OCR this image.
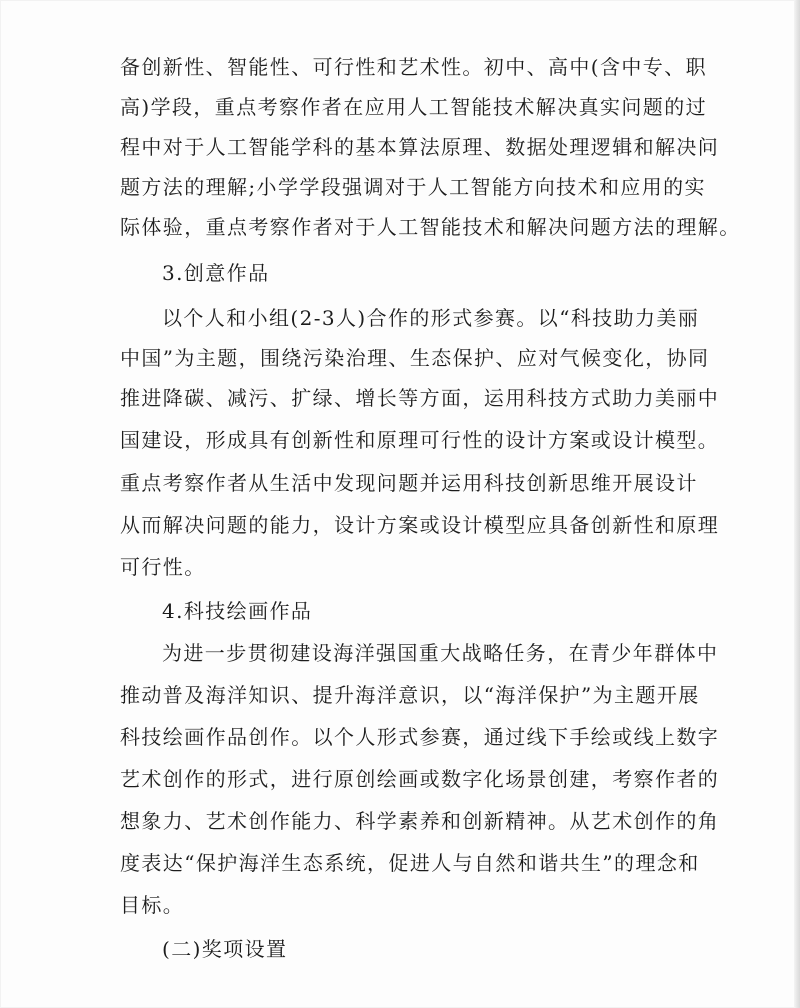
备创新性、智能性、可行性和艺术性。初中、高中(含中专、职
高)学段，重点考察作者在应用人工智能技术解决真实问题的过
程中对于人工智能学科的基本算法原理、数据处理逻辑和解决问
题方法的理解;小学学段强调对于人工智能方向技术和应用的实
际体验，重点考察作者对于人工智能技术和解决问题方法的理解。
3.创意作品
以个人和小组(2-3人)合作的形式参赛。以“科技助力美丽
中国”为主题，围绕污染治理、生态保护、应对气候变化，协同
推进降碳、减污、扩绿、增长等方面，运用科技方式助力美丽中
国建设，形成具有创新性和原理可行性的设计方案或设计模型。
重点考察作者从生活中发现问题并运用科技创新思维开展设计
从而解决问题的能力，设计方案或设计模型应具备创新性和原理
可行性。
4.科技绘画作品
为进一步贯彻建设海洋强国重大战略任务，在青少年群体中
推动普及海洋知识、提升海洋意识，以“海洋保护”为主题开展
科技绘画作品创作。以个人形式参赛，通过线下手绘或线上数字
艺术创作的形式，进行原创绘画或数字化场景创建，考察作者的
想象力、艺术创作能力、科学素养和创新精神。从艺术创作的角
度表达“保护海洋生态系统，促进人与自然和谐共生”的理念和
目标。
(二)奖项设置
